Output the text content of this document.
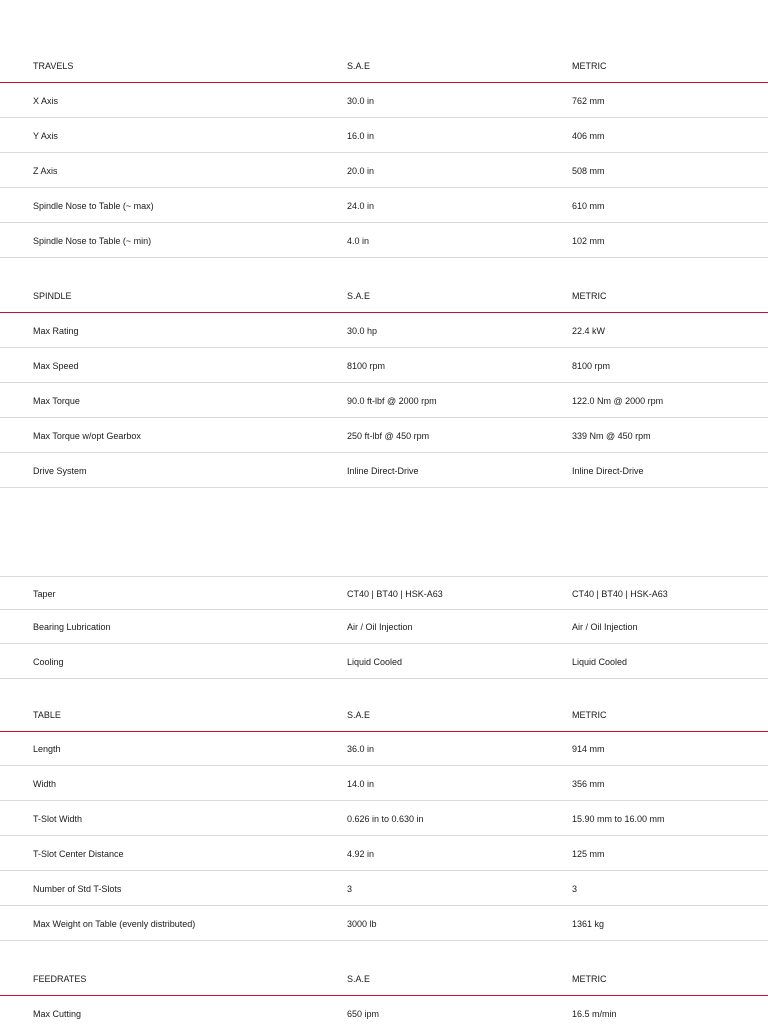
TRAVELS	S.A.E	METRIC
X Axis	30.0 in	762 mm
Y Axis	16.0 in	406 mm
Z Axis	20.0 in	508 mm
Spindle Nose to Table (~ max)	24.0 in	610 mm
Spindle Nose to Table (~ min)	4.0 in	102 mm
SPINDLE	S.A.E	METRIC
Max Rating	30.0 hp	22.4 kW
Max Speed	8100 rpm	8100 rpm
Max Torque	90.0 ft-lbf @ 2000 rpm	122.0 Nm @ 2000 rpm
Max Torque w/opt Gearbox	250 ft-lbf @ 450 rpm	339 Nm @ 450 rpm
Drive System	Inline Direct-Drive	Inline Direct-Drive
Taper	CT40 | BT40 | HSK-A63	CT40 | BT40 | HSK-A63
Bearing Lubrication	Air / Oil Injection	Air / Oil Injection
Cooling	Liquid Cooled	Liquid Cooled
TABLE	S.A.E	METRIC
Length	36.0 in	914 mm
Width	14.0 in	356 mm
T-Slot Width	0.626 in to 0.630 in	15.90 mm to 16.00 mm
T-Slot Center Distance	4.92 in	125 mm
Number of Std T-Slots	3	3
Max Weight on Table (evenly distributed)	3000 lb	1361 kg
FEEDRATES	S.A.E	METRIC
Max Cutting	650 ipm	16.5 m/min
